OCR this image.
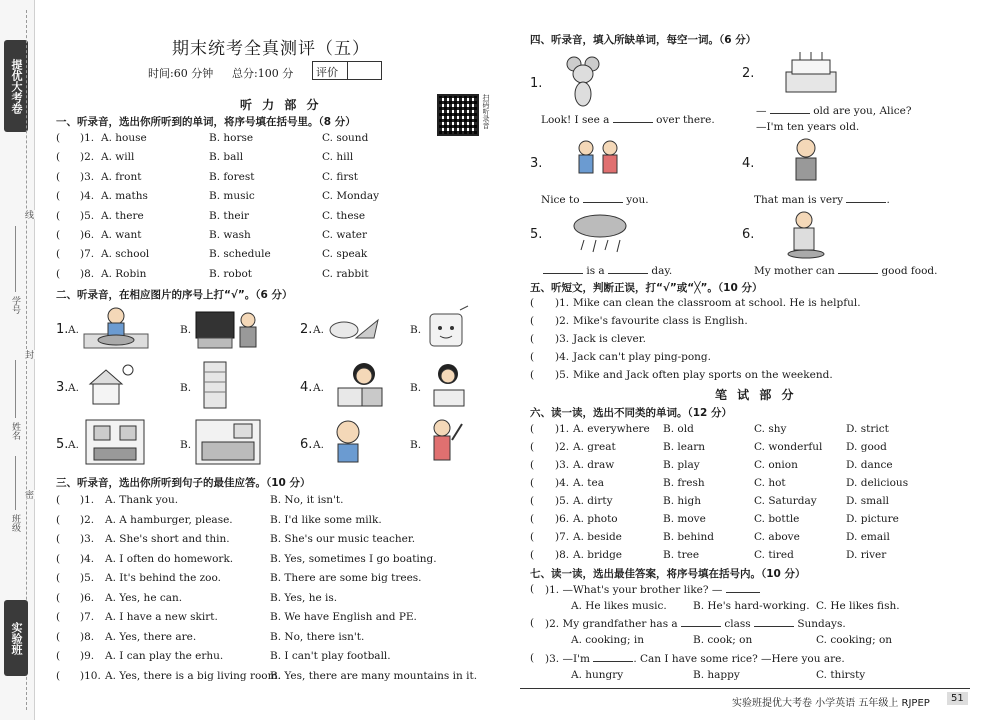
提优大考卷
线
封
密
学号
姓名
班级
实验班
期末统考全真测评（五）
时间:60 分钟 总分:100 分 评价
扫码听录音
听 力 部 分
一、听录音，选出你所听到的单词，将序号填在括号里。（8 分）
( )1. A. house	B. horse	C. sound
( )2. A. will	B. ball	C. hill
( )3. A. front	B. forest	C. first
( )4. A. maths	B. music	C. Monday
( )5. A. there	B. their	C. these
( )6. A. want	B. wash	C. water
( )7. A. school	B. schedule	C. speak
( )8. A. Robin	B. robot	C. rabbit
二、听录音，在相应图片的序号上打“√”。（6 分）
1. A.	B.	2. A.	B.
3. A.	B.	4. A.	B.
5. A.	B.	6. A.	B.
三、听录音，选出你所听到句子的最佳应答。（10 分）
( )1. A. Thank you.	B. No, it isn't.
( )2. A. A hamburger, please.	B. I'd like some milk.
( )3. A. She's short and thin.	B. She's our music teacher.
( )4. A. I often do homework.	B. Yes, sometimes I go boating.
( )5. A. It's behind the zoo.	B. There are some big trees.
( )6. A. Yes, he can.	B. Yes, he is.
( )7. A. I have a new skirt.	B. We have English and PE.
( )8. A. Yes, there are.	B. No, there isn't.
( )9. A. I can play the erhu.	B. I can't play football.
( )10. A. Yes, there is a big living room.
B. Yes, there are many mountains in it.
四、听录音，填入所缺单词，每空一词。（6 分）
1.
Look! I see a	over there.
2.
—	old are you, Alice?
—I'm ten years old.
3.
Nice to	you.
4.
That man is very	.
5.
is a	day.
6.
My mother can	good food.
五、听短文，判断正误，打“√”或“╳”。（10 分）
( )1. Mike can clean the classroom at school. He is helpful.
( )2. Mike's favourite class is English.
( )3. Jack is clever.
( )4. Jack can't play ping-pong.
( )5. Mike and Jack often play sports on the weekend.
笔 试 部 分
六、读一读，选出不同类的单词。（12 分）
( )1. A. everywhere B. old	C. shy	D. strict
( )2. A. great	B. learn	C. wonderful D. good
( )3. A. draw	B. play	C. onion	D. dance
( )4. A. tea	B. fresh	C. hot	D. delicious
( )5. A. dirty	B. high	C. Saturday	D. small
( )6. A. photo	B. move	C. bottle	D. picture
( )7. A. beside	B. behind	C. above	D. email
( )8. A. bridge	B. tree	C. tired	D. river
七、读一读，选出最佳答案，将序号填在括号内。（10 分）
( )1. —What's your brother like? —
A. He likes music.	B. He's hard-working. C. He likes fish.
( )2. My grandfather has a	class	Sundays.
A. cooking; in	B. cook; on	C. cooking; on
( )3. —I'm	. Can I have some rice? —Here you are.
A. hungry	B. happy	C. thirsty
实验班提优大考卷 小学英语 五年级上 RJPEP	51
